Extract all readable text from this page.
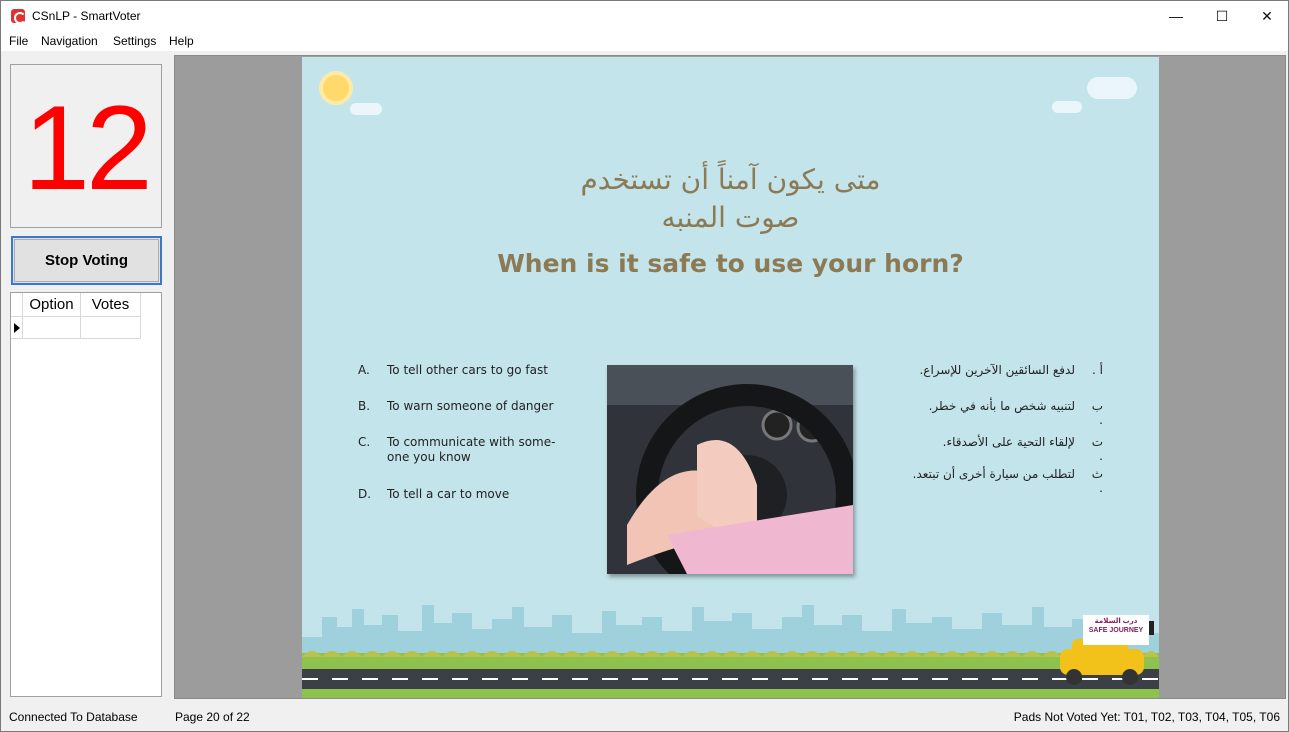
CSnLP - SmartVoter	—	☐	✕
File Navigation Settings Help
12
Stop Voting
Option	Votes
متى يكون آمناً أن تستخدم
صوت المنبه
When is it safe to use your horn?
A.	To tell other cars to go fast
B.	To warn someone of danger
C.	To communicate with some-one you know
D.	To tell a car to move
أ .
لدفع السائقين الآخرين للإسراع.
ب .
لتنبيه شخص ما بأنه في خطر.
ت .
لإلقاء التحية على الأصدقاء.
ث .
لتطلب من سيارة أخرى أن تبتعد.
درب السلامة
SAFE JOURNEY
Connected To Database	Page 20 of 22	Pads Not Voted Yet: T01, T02, T03, T04, T05, T06
